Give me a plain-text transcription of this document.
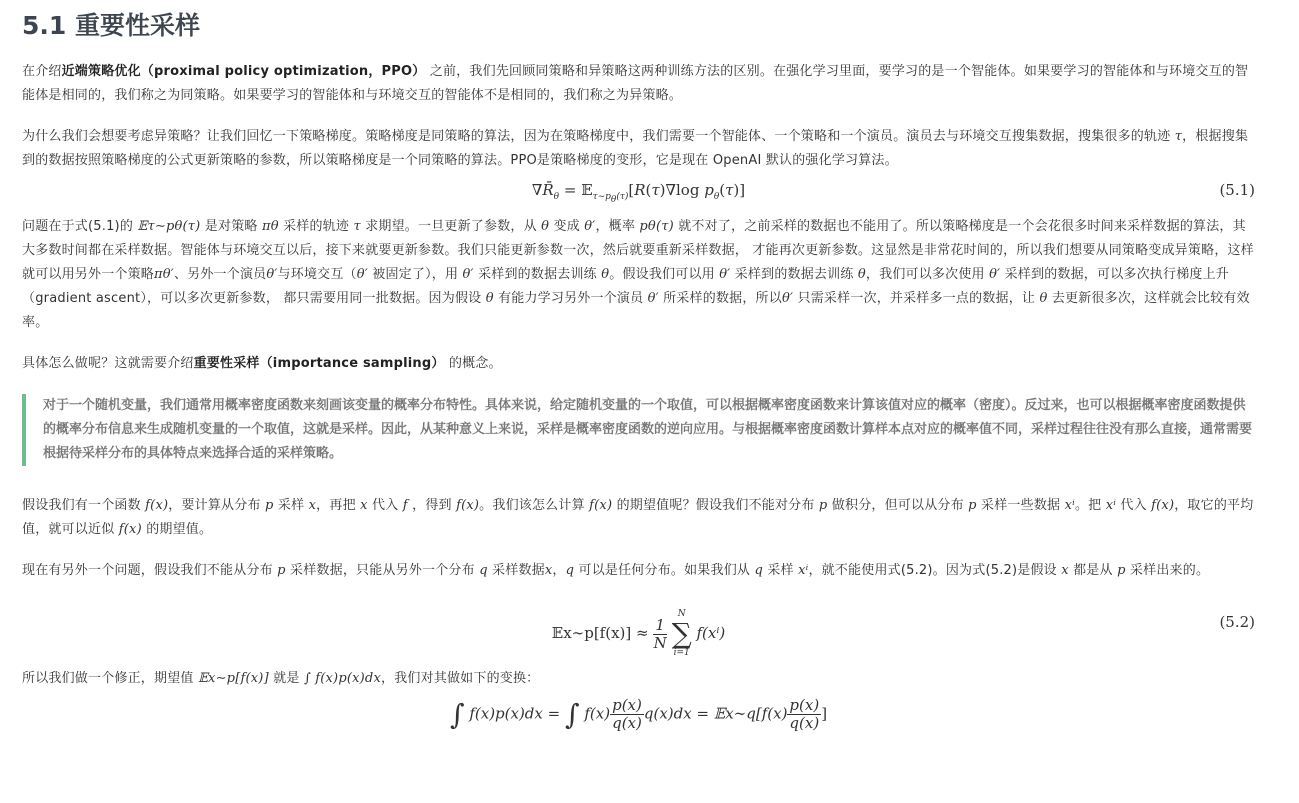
5.1 重要性采样

在介绍近端策略优化（proximal policy optimization，PPO） 之前，我们先回顾同策略和异策略这两种训练方法的区别。在强化学习里面，要学习的是一个智能体。如果要学习的智能体和与环境交互的智能体是相同的，我们称之为同策略。如果要学习的智能体和与环境交互的智能体不是相同的，我们称之为异策略。

为什么我们会想要考虑异策略？让我们回忆一下策略梯度。策略梯度是同策略的算法，因为在策略梯度中，我们需要一个智能体、一个策略和一个演员。演员去与环境交互搜集数据，搜集很多的轨迹 τ，根据搜集到的数据按照策略梯度的公式更新策略的参数，所以策略梯度是一个同策略的算法。PPO是策略梯度的变形，它是现在 OpenAI 默认的强化学习算法。

$\nabla R̄_\theta$ = 𝔼$_{\tau\sim p_\theta(\tau)}$[R(τ)∇log $p_\theta(\tau)$]	(5.1)

问题在于式(5.1)的 𝔼τ∼pθ(τ) 是对策略 πθ 采样的轨迹 τ 求期望。一旦更新了参数，从 θ 变成 θ′，概率 pθ(τ) 就不对了，之前采样的数据也不能用了。所以策略梯度是一个会花很多时间来采样数据的算法，其大多数时间都在采样数据。智能体与环境交互以后，接下来就要更新参数。我们只能更新参数一次，然后就要重新采样数据， 才能再次更新参数。这显然是非常花时间的，所以我们想要从同策略变成异策略，这样就可以用另外一个策略πθ′、另外一个演员θ′与环境交互（θ′ 被固定了），用 θ′ 采样到的数据去训练 θ。假设我们可以用 θ′ 采样到的数据去训练 θ，我们可以多次使用 θ′ 采样到的数据，可以多次执行梯度上升（gradient ascent），可以多次更新参数， 都只需要用同一批数据。因为假设 θ 有能力学习另外一个演员 θ′ 所采样的数据，所以θ′ 只需采样一次，并采样多一点的数据，让 θ 去更新很多次，这样就会比较有效率。

具体怎么做呢？这就需要介绍重要性采样（importance sampling） 的概念。

对于一个随机变量，我们通常用概率密度函数来刻画该变量的概率分布特性。具体来说，给定随机变量的一个取值，可以根据概率密度函数来计算该值对应的概率（密度）。反过来，也可以根据概率密度函数提供的概率分布信息来生成随机变量的一个取值，这就是采样。因此，从某种意义上来说，采样是概率密度函数的逆向应用。与根据概率密度函数计算样本点对应的概率值不同，采样过程往往没有那么直接，通常需要根据待采样分布的具体特点来选择合适的采样策略。

假设我们有一个函数 f(x)，要计算从分布 p 采样 x，再把 x 代入 f ，得到 f(x)。我们该怎么计算 f(x) 的期望值呢？假设我们不能对分布 p 做积分，但可以从分布 p 采样一些数据 xⁱ。把 xⁱ 代入 f(x)，取它的平均值，就可以近似 f(x) 的期望值。

现在有另外一个问题，假设我们不能从分布 p 采样数据，只能从另外一个分布 q 采样数据x，q 可以是任何分布。如果我们从 q 采样 xⁱ，就不能使用式(5.2)。因为式(5.2)是假设 x 都是从 p 采样出来的。

𝔼x∼p[f(x)] ≈ $\frac{1}{N}$

N
∑
i=1
f(xⁱ)
(5.2)

所以我们做一个修正，期望值 𝔼x∼p[f(x)] 就是 ∫ f(x)p(x)dx，我们对其做如下的变换：

∫ f(x)p(x)dx = ∫ $f(x) \frac{p(x)}{q(x)} q(x)dx$ = 𝔼x∼q[f(x) $\frac{p(x)}{q(x)}$ ]
